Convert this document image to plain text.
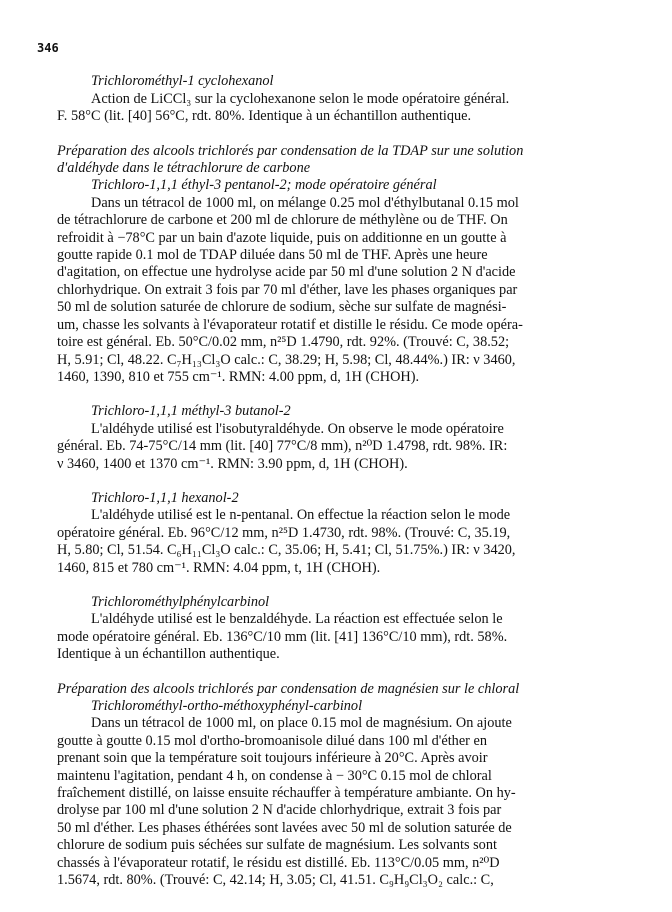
346

Trichlorométhyl-1 cyclohexanol

Action de LiCCl₃ sur la cyclohexanone selon le mode opératoire général.

F. 58°C (lit. [40] 56°C, rdt. 80%. Identique à un échantillon authentique.

Préparation des alcools trichlorés par condensation de la TDAP sur une solution

d'aldéhyde dans le tétrachlorure de carbone

Trichloro-1,1,1 éthyl-3 pentanol-2; mode opératoire général

Dans un tétracol de 1000 ml, on mélange 0.25 mol d'éthylbutanal 0.15 mol

de tétrachlorure de carbone et 200 ml de chlorure de méthylène ou de THF. On

refroidit à −78°C par un bain d'azote liquide, puis on additionne en un goutte à

goutte rapide 0.1 mol de TDAP diluée dans 50 ml de THF. Après une heure

d'agitation, on effectue une hydrolyse acide par 50 ml d'une solution 2 N d'acide

chlorhydrique. On extrait 3 fois par 70 ml d'éther, lave les phases organiques par

50 ml de solution saturée de chlorure de sodium, sèche sur sulfate de magnési-

um, chasse les solvants à l'évaporateur rotatif et distille le résidu. Ce mode opéra-

toire est général. Eb. 50°C/0.02 mm, n²⁵D 1.4790, rdt. 92%. (Trouvé: C, 38.52;

H, 5.91; Cl, 48.22. C₇H₁₃Cl₃O calc.: C, 38.29; H, 5.98; Cl, 48.44%.) IR: ν 3460,

1460, 1390, 810 et 755 cm⁻¹. RMN: 4.00 ppm, d, 1H (CHOH).

Trichloro-1,1,1 méthyl-3 butanol-2

L'aldéhyde utilisé est l'isobutyraldéhyde. On observe le mode opératoire

général. Eb. 74-75°C/14 mm (lit. [40] 77°C/8 mm), n²⁰D 1.4798, rdt. 98%. IR:

ν 3460, 1400 et 1370 cm⁻¹. RMN: 3.90 ppm, d, 1H (CHOH).

Trichloro-1,1,1 hexanol-2

L'aldéhyde utilisé est le n-pentanal. On effectue la réaction selon le mode

opératoire général. Eb. 96°C/12 mm, n²⁵D 1.4730, rdt. 98%. (Trouvé: C, 35.19,

H, 5.80; Cl, 51.54. C₆H₁₁Cl₃O calc.: C, 35.06; H, 5.41; Cl, 51.75%.) IR: ν 3420,

1460, 815 et 780 cm⁻¹. RMN: 4.04 ppm, t, 1H (CHOH).

Trichlorométhylphénylcarbinol

L'aldéhyde utilisé est le benzaldéhyde. La réaction est effectuée selon le

mode opératoire général. Eb. 136°C/10 mm (lit. [41] 136°C/10 mm), rdt. 58%.

Identique à un échantillon authentique.

Préparation des alcools trichlorés par condensation de magnésien sur le chloral

Trichlorométhyl-ortho-méthoxyphényl-carbinol

Dans un tétracol de 1000 ml, on place 0.15 mol de magnésium. On ajoute

goutte à goutte 0.15 mol d'ortho-bromoanisole dilué dans 100 ml d'éther en

prenant soin que la température soit toujours inférieure à 20°C. Après avoir

maintenu l'agitation, pendant 4 h, on condense à − 30°C 0.15 mol de chloral

fraîchement distillé, on laisse ensuite réchauffer à température ambiante. On hy-

drolyse par 100 ml d'une solution 2 N d'acide chlorhydrique, extrait 3 fois par

50 ml d'éther. Les phases éthérées sont lavées avec 50 ml de solution saturée de

chlorure de sodium puis séchées sur sulfate de magnésium. Les solvants sont

chassés à l'évaporateur rotatif, le résidu est distillé. Eb. 113°C/0.05 mm, n²⁰D

1.5674, rdt. 80%. (Trouvé: C, 42.14; H, 3.05; Cl, 41.51. C₉H₉Cl₃O₂ calc.: C,
